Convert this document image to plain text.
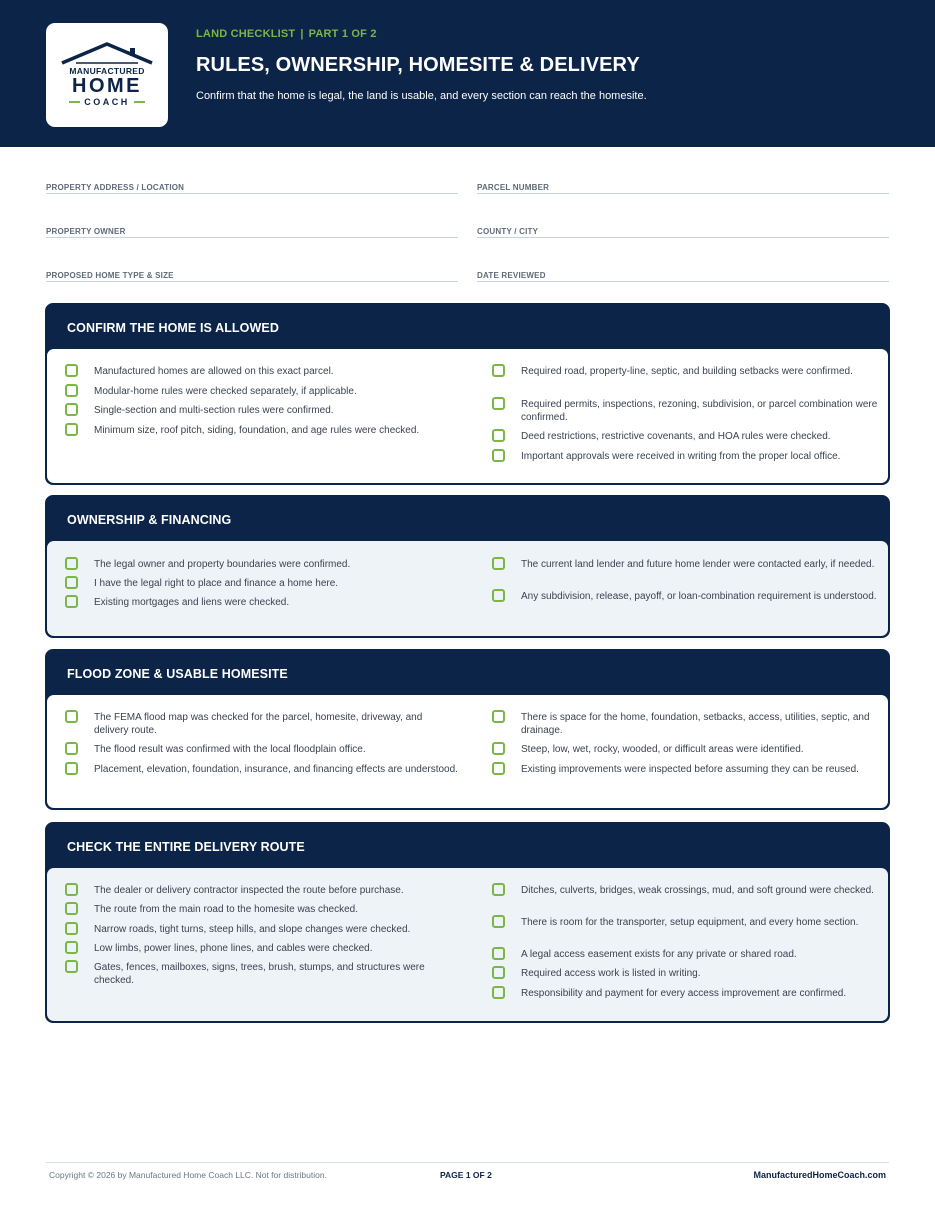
MANUFACTURED
HOME
COACH
LAND CHECKLIST | PART 1 OF 2
RULES, OWNERSHIP, HOMESITE & DELIVERY
Confirm that the home is legal, the land is usable, and every section can reach the homesite.
PROPERTY ADDRESS / LOCATION	PARCEL NUMBER
PROPERTY OWNER	COUNTY / CITY
PROPOSED HOME TYPE & SIZE	DATE REVIEWED
CONFIRM THE HOME IS ALLOWED
Manufactured homes are allowed on this exact parcel.
Modular-home rules were checked separately, if applicable.
Single-section and multi-section rules were confirmed.
Minimum size, roof pitch, siding, foundation, and age rules were checked.
Required road, property-line, septic, and building setbacks were confirmed.
Required permits, inspections, rezoning, subdivision, or parcel combination were confirmed.
Deed restrictions, restrictive covenants, and HOA rules were checked.
Important approvals were received in writing from the proper local office.
OWNERSHIP & FINANCING
The legal owner and property boundaries were confirmed.
I have the legal right to place and finance a home here.
Existing mortgages and liens were checked.
The current land lender and future home lender were contacted early, if needed.
Any subdivision, release, payoff, or loan-combination requirement is understood.
FLOOD ZONE & USABLE HOMESITE
The FEMA flood map was checked for the parcel, homesite, driveway, and delivery route.
The flood result was confirmed with the local floodplain office.
Placement, elevation, foundation, insurance, and financing effects are understood.
There is space for the home, foundation, setbacks, access, utilities, septic, and drainage.
Steep, low, wet, rocky, wooded, or difficult areas were identified.
Existing improvements were inspected before assuming they can be reused.
CHECK THE ENTIRE DELIVERY ROUTE
The dealer or delivery contractor inspected the route before purchase.
The route from the main road to the homesite was checked.
Narrow roads, tight turns, steep hills, and slope changes were checked.
Low limbs, power lines, phone lines, and cables were checked.
Gates, fences, mailboxes, signs, trees, brush, stumps, and structures were checked.
Ditches, culverts, bridges, weak crossings, mud, and soft ground were checked.
There is room for the transporter, setup equipment, and every home section.
A legal access easement exists for any private or shared road.
Required access work is listed in writing.
Responsibility and payment for every access improvement are confirmed.
Copyright © 2026 by Manufactured Home Coach LLC. Not for distribution.	PAGE 1 OF 2	ManufacturedHomeCoach.com
